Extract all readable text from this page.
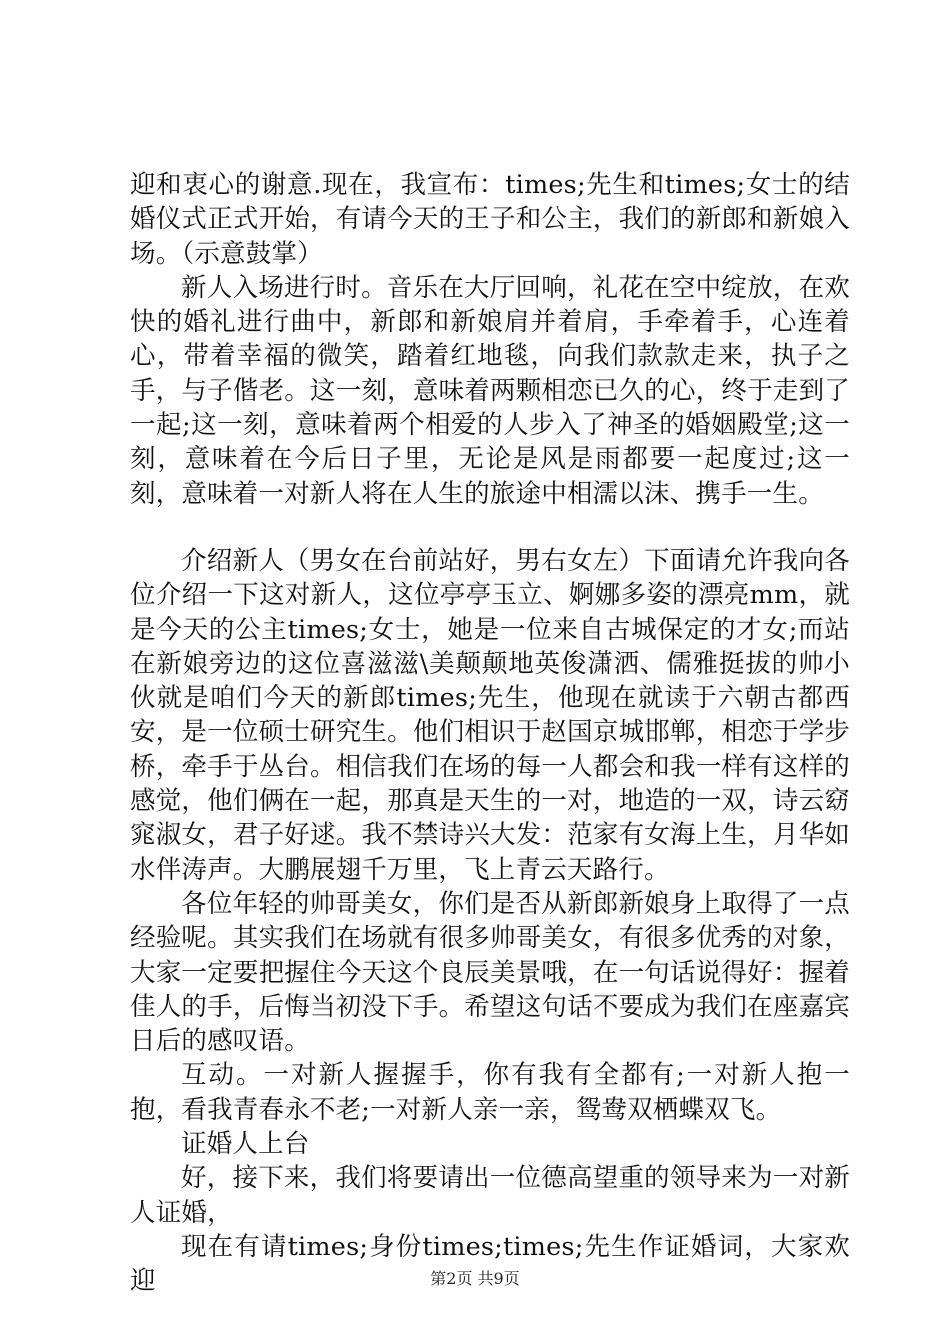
迎和衷心的谢意.现在，我宣布：times;先生和times;女士的结婚仪式正式开始，有请今天的王子和公主，我们的新郎和新娘入场。（示意鼓掌）

新人入场进行时。音乐在大厅回响，礼花在空中绽放，在欢快的婚礼进行曲中，新郎和新娘肩并着肩，手牵着手，心连着心，带着幸福的微笑，踏着红地毯，向我们款款走来，执子之手，与子偕老。这一刻，意味着两颗相恋已久的心，终于走到了一起;这一刻，意味着两个相爱的人步入了神圣的婚姻殿堂;这一刻，意味着在今后日子里，无论是风是雨都要一起度过;这一刻，意味着一对新人将在人生的旅途中相濡以沫、携手一生。

介绍新人（男女在台前站好，男右女左）下面请允许我向各位介绍一下这对新人，这位亭亭玉立、婀娜多姿的漂亮mm，就是今天的公主times;女士，她是一位来自古城保定的才女;而站在新娘旁边的这位喜滋滋\美颠颠地英俊潇洒、儒雅挺拔的帅小伙就是咱们今天的新郎times;先生，他现在就读于六朝古都西安，是一位硕士研究生。他们相识于赵国京城邯郸，相恋于学步桥，牵手于丛台。相信我们在场的每一人都会和我一样有这样的感觉，他们俩在一起，那真是天生的一对，地造的一双，诗云窈窕淑女，君子好逑。我不禁诗兴大发：范家有女海上生，月华如水伴涛声。大鹏展翅千万里，飞上青云天路行。

各位年轻的帅哥美女，你们是否从新郎新娘身上取得了一点经验呢。其实我们在场就有很多帅哥美女，有很多优秀的对象，大家一定要把握住今天这个良辰美景哦，在一句话说得好：握着佳人的手，后悔当初没下手。希望这句话不要成为我们在座嘉宾日后的感叹语。

互动。一对新人握握手，你有我有全都有;一对新人抱一抱，看我青春永不老;一对新人亲一亲，鸳鸯双栖蝶双飞。

证婚人上台

好，接下来，我们将要请出一位德高望重的领导来为一对新人证婚，

现在有请times;身份times;times;先生作证婚词，大家欢迎	第2页 共9页
